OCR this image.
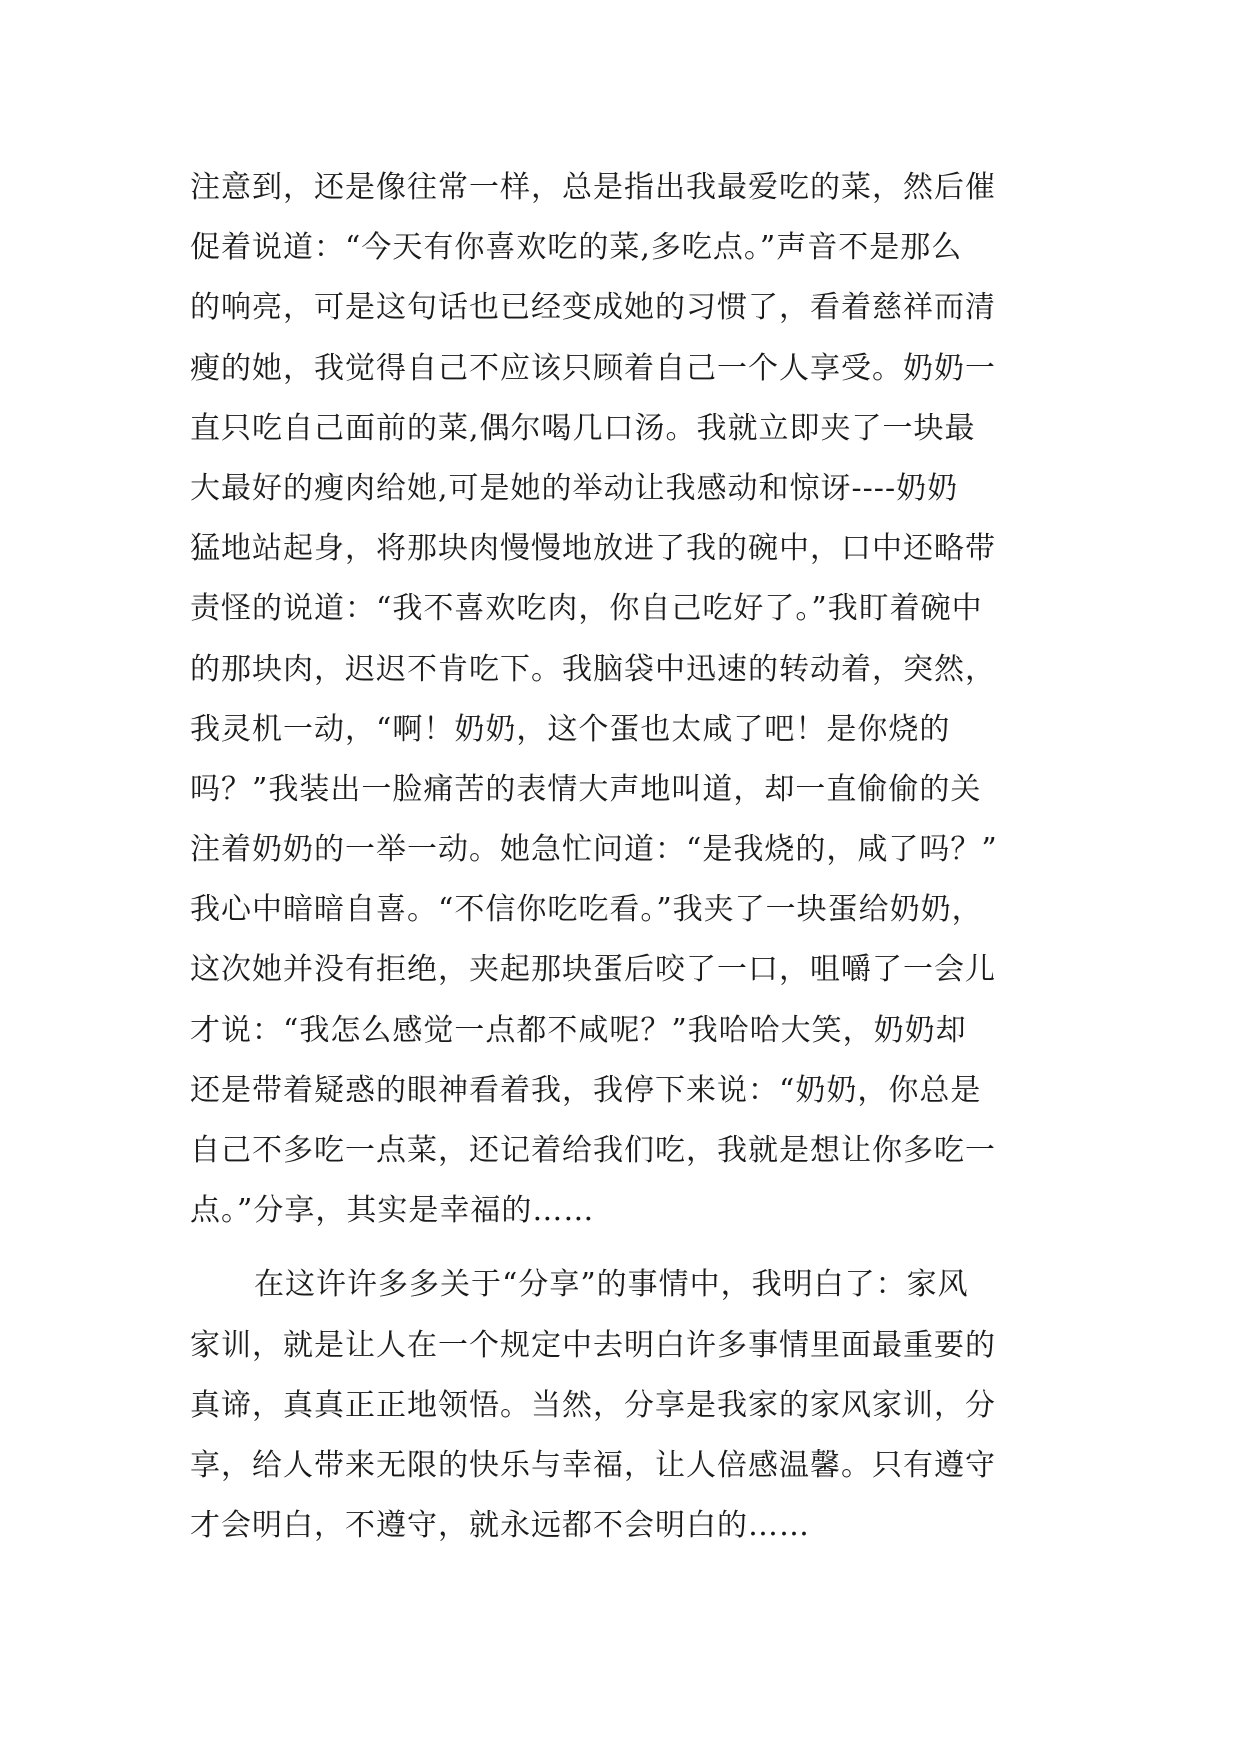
注意到，还是像往常一样，总是指出我最爱吃的菜，然后催
促着说道：“今天有你喜欢吃的菜,多吃点。”声音不是那么
的响亮，可是这句话也已经变成她的习惯了，看着慈祥而清
瘦的她，我觉得自己不应该只顾着自己一个人享受。奶奶一
直只吃自己面前的菜,偶尔喝几口汤。我就立即夹了一块最
大最好的瘦肉给她,可是她的举动让我感动和惊讶----奶奶
猛地站起身，将那块肉慢慢地放进了我的碗中，口中还略带
责怪的说道：“我不喜欢吃肉，你自己吃好了。”我盯着碗中
的那块肉，迟迟不肯吃下。我脑袋中迅速的转动着，突然，
我灵机一动，“啊！奶奶，这个蛋也太咸了吧！是你烧的
吗？”我装出一脸痛苦的表情大声地叫道，却一直偷偷的关
注着奶奶的一举一动。她急忙问道：“是我烧的，咸了吗？”
我心中暗暗自喜。“不信你吃吃看。”我夹了一块蛋给奶奶，
这次她并没有拒绝，夹起那块蛋后咬了一口，咀嚼了一会儿
才说：“我怎么感觉一点都不咸呢？”我哈哈大笑，奶奶却
还是带着疑惑的眼神看着我，我停下来说：“奶奶，你总是
自己不多吃一点菜，还记着给我们吃，我就是想让你多吃一
点。”分享，其实是幸福的……
在这许许多多关于“分享”的事情中，我明白了：家风
家训，就是让人在一个规定中去明白许多事情里面最重要的
真谛，真真正正地领悟。当然，分享是我家的家风家训，分
享，给人带来无限的快乐与幸福，让人倍感温馨。只有遵守
才会明白，不遵守，就永远都不会明白的……
